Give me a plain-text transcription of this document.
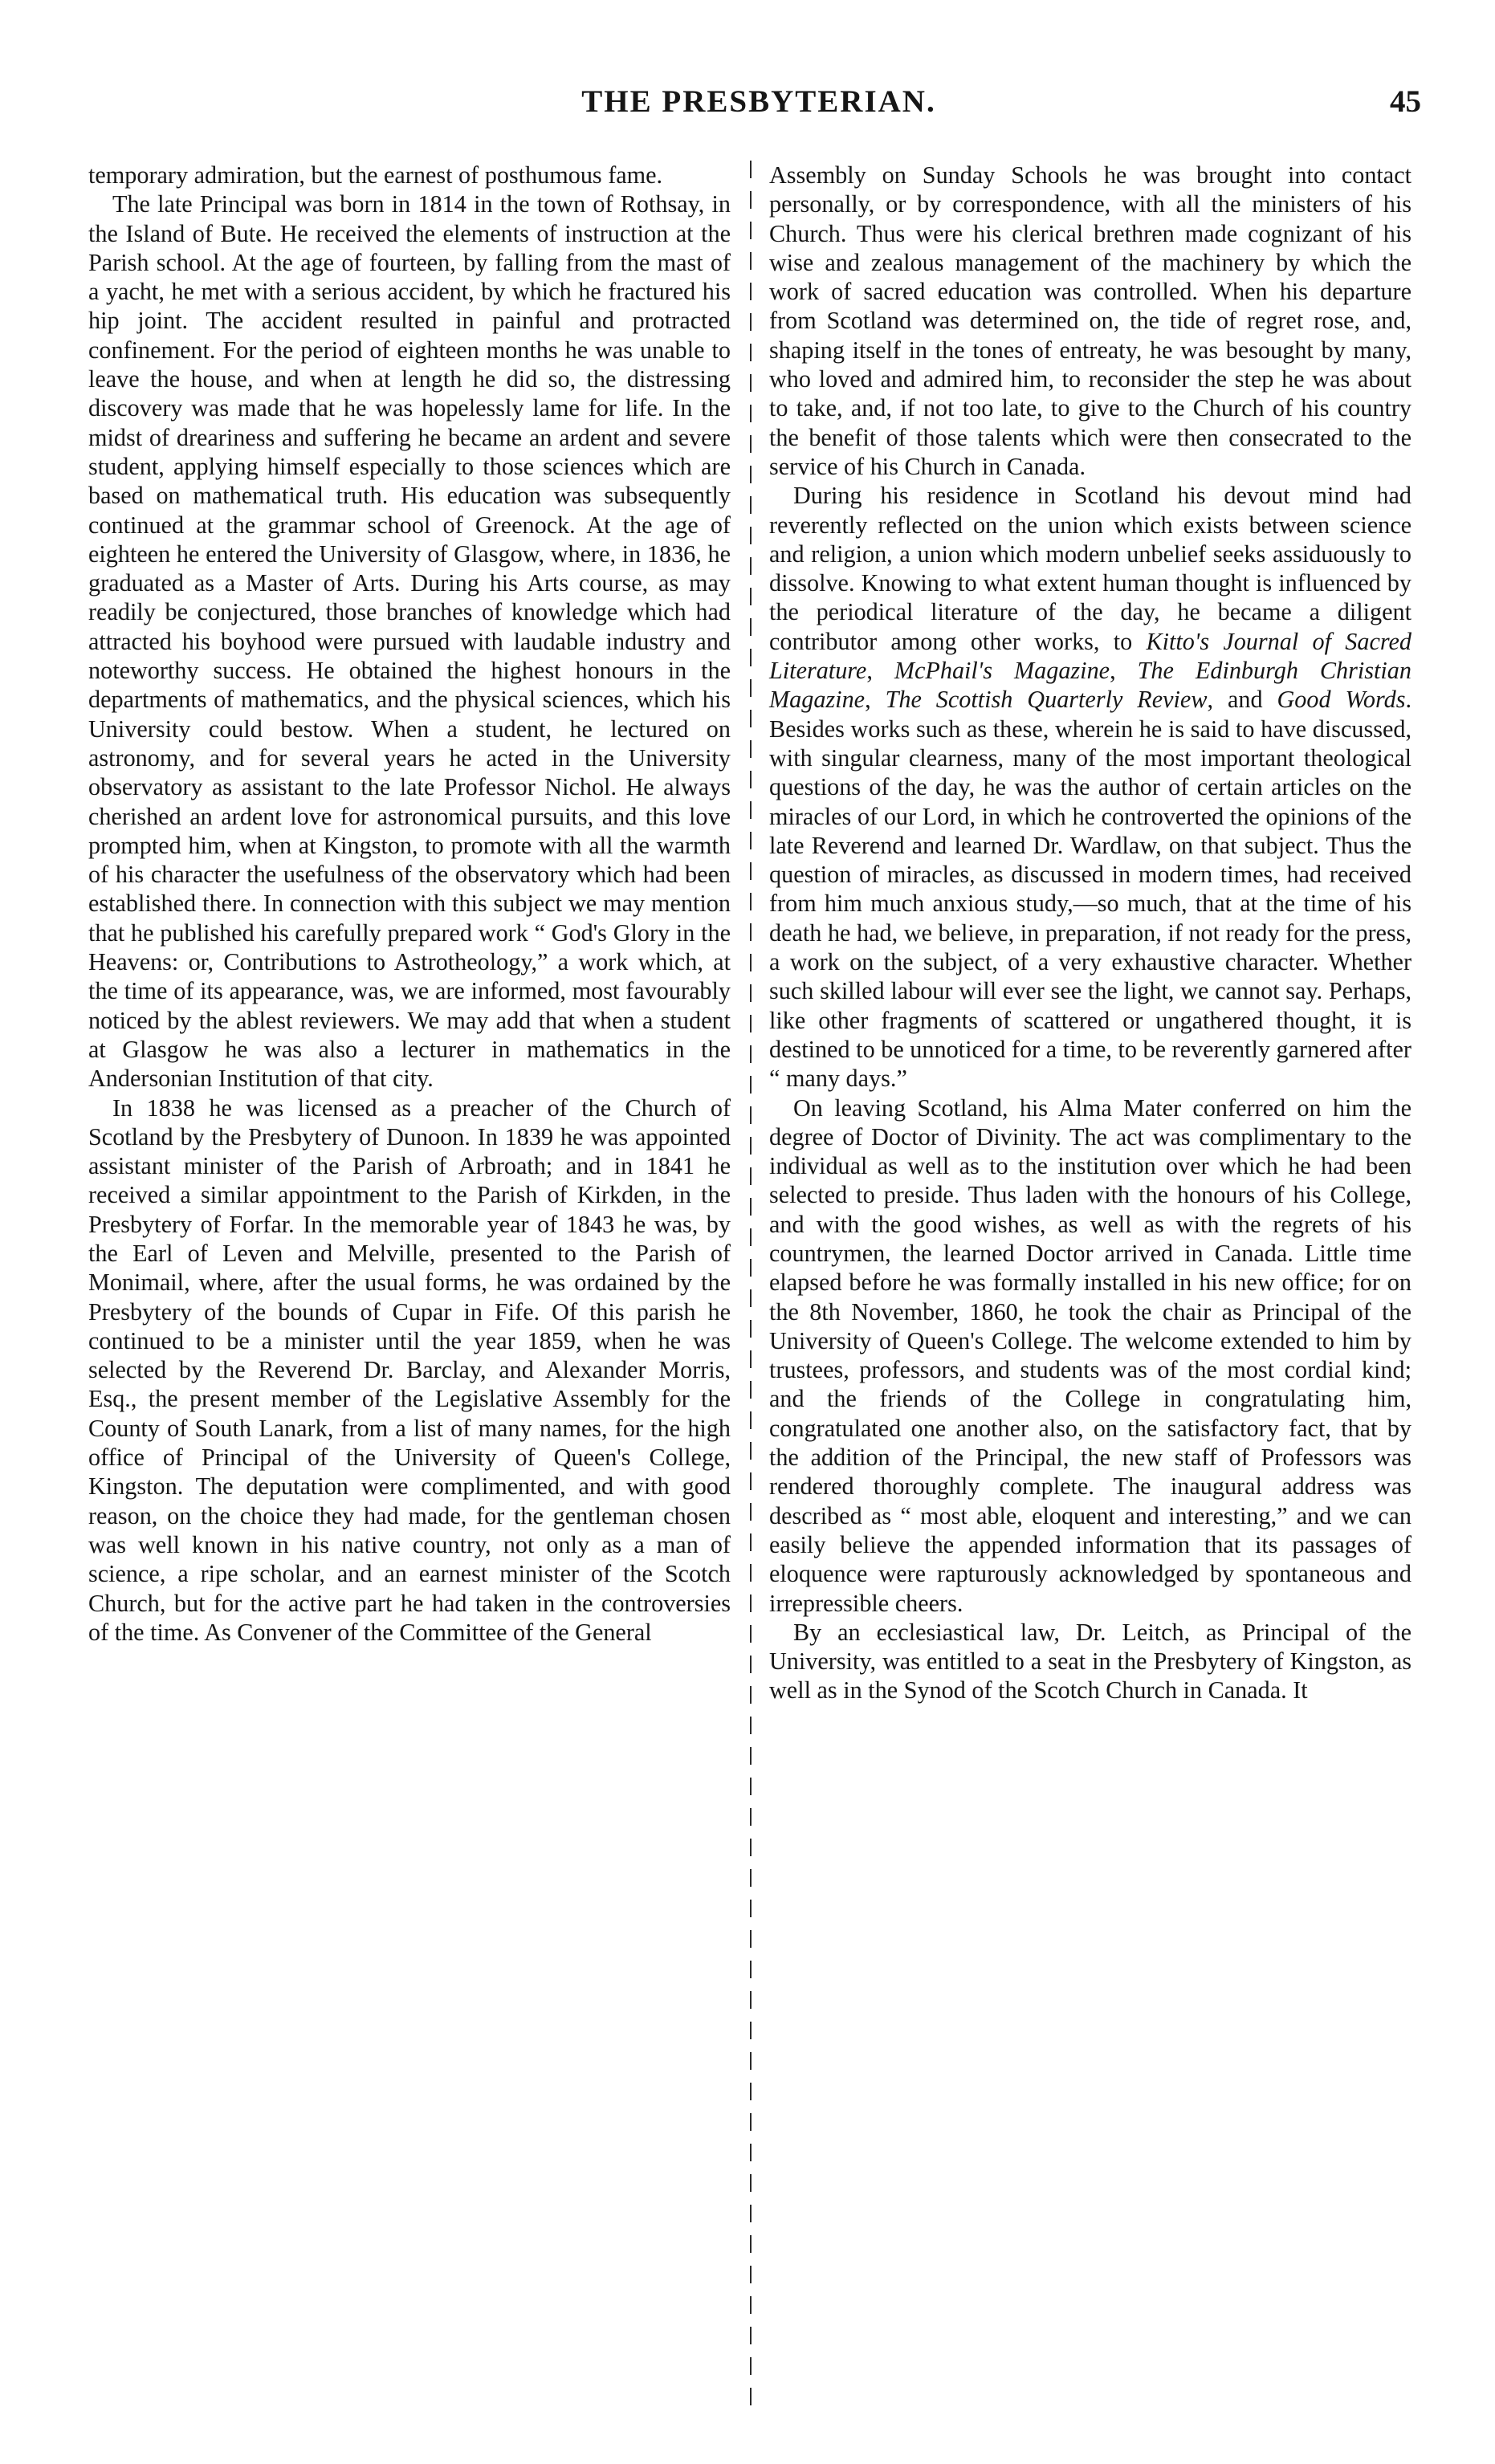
THE PRESBYTERIAN.	45

temporary admiration, but the earnest of posthumous fame.

The late Principal was born in 1814 in the town of Rothsay, in the Island of Bute. He received the elements of instruction at the Parish school. At the age of fourteen, by falling from the mast of a yacht, he met with a serious accident, by which he fractured his hip joint. The accident resulted in painful and protracted confinement. For the period of eighteen months he was unable to leave the house, and when at length he did so, the distressing discovery was made that he was hopelessly lame for life. In the midst of dreariness and suffering he became an ardent and severe student, applying himself especially to those sciences which are based on mathematical truth. His education was subsequently continued at the grammar school of Greenock. At the age of eighteen he entered the University of Glasgow, where, in 1836, he graduated as a Master of Arts. During his Arts course, as may readily be conjectured, those branches of knowledge which had attracted his boyhood were pursued with laudable industry and noteworthy success. He obtained the highest honours in the departments of mathematics, and the physical sciences, which his University could bestow. When a student, he lectured on astronomy, and for several years he acted in the University observatory as assistant to the late Professor Nichol. He always cherished an ardent love for astronomical pursuits, and this love prompted him, when at Kingston, to promote with all the warmth of his character the usefulness of the observatory which had been established there. In connection with this subject we may mention that he published his carefully prepared work “ God's Glory in the Heavens: or, Contributions to Astrotheology,” a work which, at the time of its appearance, was, we are informed, most favourably noticed by the ablest reviewers. We may add that when a student at Glasgow he was also a lecturer in mathematics in the Andersonian Institution of that city.

In 1838 he was licensed as a preacher of the Church of Scotland by the Presbytery of Dunoon. In 1839 he was appointed assistant minister of the Parish of Arbroath; and in 1841 he received a similar appointment to the Parish of Kirkden, in the Presbytery of Forfar. In the memorable year of 1843 he was, by the Earl of Leven and Melville, presented to the Parish of Monimail, where, after the usual forms, he was ordained by the Presbytery of the bounds of Cupar in Fife. Of this parish he continued to be a minister until the year 1859, when he was selected by the Reverend Dr. Barclay, and Alexander Morris, Esq., the present member of the Legislative Assembly for the County of South Lanark, from a list of many names, for the high office of Principal of the University of Queen's College, Kingston. The deputation were complimented, and with good reason, on the choice they had made, for the gentleman chosen was well known in his native country, not only as a man of science, a ripe scholar, and an earnest minister of the Scotch Church, but for the active part he had taken in the controversies of the time. As Convener of the Committee of the General

Assembly on Sunday Schools he was brought into contact personally, or by correspondence, with all the ministers of his Church. Thus were his clerical brethren made cognizant of his wise and zealous management of the machinery by which the work of sacred education was controlled. When his departure from Scotland was determined on, the tide of regret rose, and, shaping itself in the tones of entreaty, he was besought by many, who loved and admired him, to reconsider the step he was about to take, and, if not too late, to give to the Church of his country the benefit of those talents which were then consecrated to the service of his Church in Canada.

During his residence in Scotland his devout mind had reverently reflected on the union which exists between science and religion, a union which modern unbelief seeks assiduously to dissolve. Knowing to what extent human thought is influenced by the periodical literature of the day, he became a diligent contributor among other works, to Kitto's Journal of Sacred Literature, McPhail's Magazine, The Edinburgh Christian Magazine, The Scottish Quarterly Review, and Good Words. Besides works such as these, wherein he is said to have discussed, with singular clearness, many of the most important theological questions of the day, he was the author of certain articles on the miracles of our Lord, in which he controverted the opinions of the late Reverend and learned Dr. Wardlaw, on that subject. Thus the question of miracles, as discussed in modern times, had received from him much anxious study,—so much, that at the time of his death he had, we believe, in preparation, if not ready for the press, a work on the subject, of a very exhaustive character. Whether such skilled labour will ever see the light, we cannot say. Perhaps, like other fragments of scattered or ungathered thought, it is destined to be unnoticed for a time, to be reverently garnered after “ many days.”

On leaving Scotland, his Alma Mater conferred on him the degree of Doctor of Divinity. The act was complimentary to the individual as well as to the institution over which he had been selected to preside. Thus laden with the honours of his College, and with the good wishes, as well as with the regrets of his countrymen, the learned Doctor arrived in Canada. Little time elapsed before he was formally installed in his new office; for on the 8th November, 1860, he took the chair as Principal of the University of Queen's College. The welcome extended to him by trustees, professors, and students was of the most cordial kind; and the friends of the College in congratulating him, congratulated one another also, on the satisfactory fact, that by the addition of the Principal, the new staff of Professors was rendered thoroughly complete. The inaugural address was described as “ most able, eloquent and interesting,” and we can easily believe the appended information that its passages of eloquence were rapturously acknowledged by spontaneous and irrepressible cheers.

By an ecclesiastical law, Dr. Leitch, as Principal of the University, was entitled to a seat in the Presbytery of Kingston, as well as in the Synod of the Scotch Church in Canada. It
